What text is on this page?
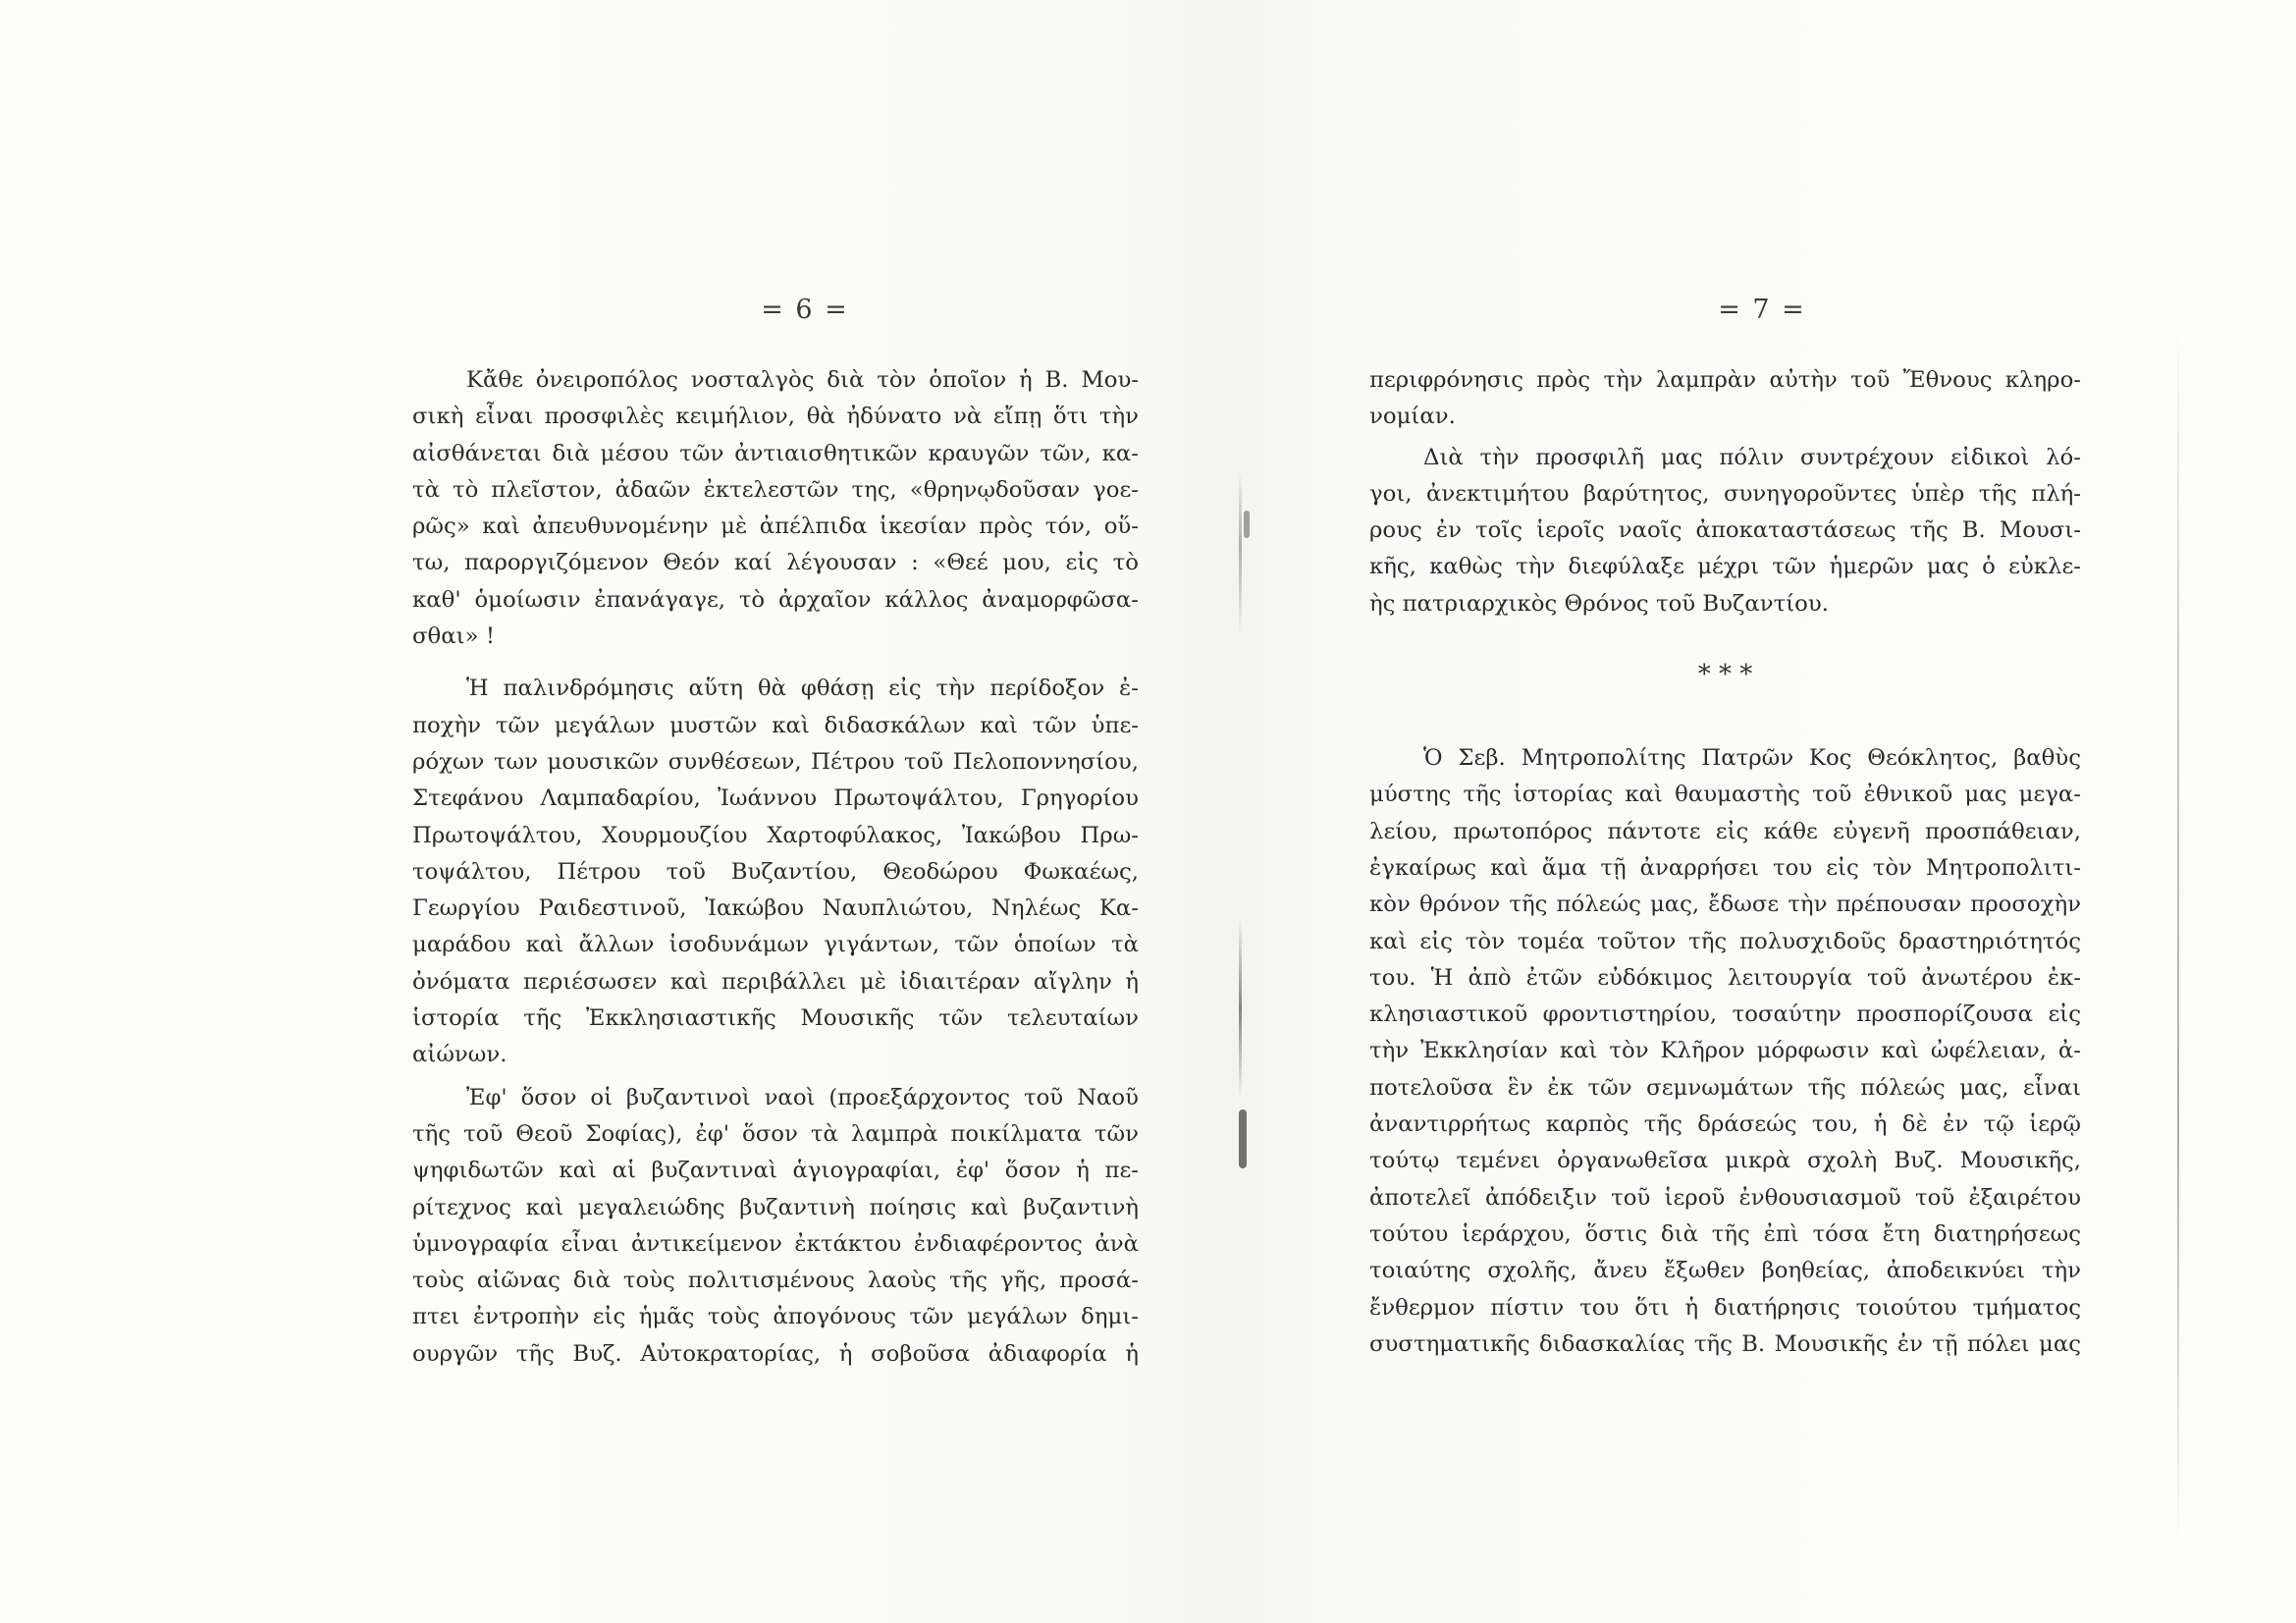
= 6 =
Κἄθε ὀνειροπόλος νοσταλγὸς διὰ τὸν ὁποῖον ἡ Β. Μου-
σικὴ εἶναι προσφιλὲς κειμήλιον, θὰ ἠδύνατο νὰ εἴπῃ ὅτι τὴν
αἰσθάνεται διὰ μέσου τῶν ἀντιαισθητικῶν κραυγῶν τῶν, κα-
τὰ τὸ πλεῖστον, ἀδαῶν ἐκτελεστῶν της, «θρηνῳδοῦσαν γοε-
ρῶς» καὶ ἀπευθυνομένην μὲ ἀπέλπιδα ἱκεσίαν πρὸς τόν, οὕ-
τω, παροργιζόμενον Θεόν καί λέγουσαν : «Θεέ μου, εἰς τὸ
καθ' ὁμοίωσιν ἐπανάγαγε, τὸ ἀρχαῖον κάλλος ἀναμορφῶσα-
σθαι» !
Ἡ παλινδρόμησις αὕτη θὰ φθάσῃ εἰς τὴν περίδοξον ἐ-
ποχὴν τῶν μεγάλων μυστῶν καὶ διδασκάλων καὶ τῶν ὑπε-
ρόχων των μουσικῶν συνθέσεων, Πέτρου τοῦ Πελοποννησίου,
Στεφάνου Λαμπαδαρίου, Ἰωάννου Πρωτοψάλτου, Γρηγορίου
Πρωτοψάλτου, Χουρμουζίου Χαρτοφύλακος, Ἰακώβου Πρω-
τοψάλτου, Πέτρου τοῦ Βυζαντίου, Θεοδώρου Φωκαέως,
Γεωργίου Ραιδεστινοῦ, Ἰακώβου Ναυπλιώτου, Νηλέως Κα-
μαράδου καὶ ἄλλων ἰσοδυνάμων γιγάντων, τῶν ὁποίων τὰ
ὀνόματα περιέσωσεν καὶ περιβάλλει μὲ ἰδιαιτέραν αἴγλην ἡ
ἱστορία τῆς Ἐκκλησιαστικῆς Μουσικῆς τῶν τελευταίων
αἰώνων.
Ἐφ' ὅσον οἱ βυζαντινοὶ ναοὶ (προεξάρχοντος τοῦ Ναοῦ
τῆς τοῦ Θεοῦ Σοφίας), ἐφ' ὅσον τὰ λαμπρὰ ποικίλματα τῶν
ψηφιδωτῶν καὶ αἱ βυζαντιναὶ ἁγιογραφίαι, ἐφ' ὅσον ἡ πε-
ρίτεχνος καὶ μεγαλειώδης βυζαντινὴ ποίησις καὶ βυζαντινὴ
ὑμνογραφία εἶναι ἀντικείμενον ἐκτάκτου ἐνδιαφέροντος ἀνὰ
τοὺς αἰῶνας διὰ τοὺς πολιτισμένους λαοὺς τῆς γῆς, προσά-
πτει ἐντροπὴν εἰς ἡμᾶς τοὺς ἀπογόνους τῶν μεγάλων δημι-
ουργῶν τῆς Βυζ. Αὐτοκρατορίας, ἡ σοβοῦσα ἀδιαφορία ἡ
= 7 =
περιφρόνησις πρὸς τὴν λαμπρὰν αὐτὴν τοῦ Ἔθνους κληρο-
νομίαν.
Διὰ τὴν προσφιλῆ μας πόλιν συντρέχουν εἰδικοὶ λό-
γοι, ἀνεκτιμήτου βαρύτητος, συνηγοροῦντες ὑπὲρ τῆς πλή-
ρους ἐν τοῖς ἱεροῖς ναοῖς ἀποκαταστάσεως τῆς Β. Μουσι-
κῆς, καθὼς τὴν διεφύλαξε μέχρι τῶν ἡμερῶν μας ὁ εὐκλε-
ὴς πατριαρχικὸς Θρόνος τοῦ Βυζαντίου.
* * *
Ὁ Σεβ. Μητροπολίτης Πατρῶν Κος Θεόκλητος, βαθὺς
μύστης τῆς ἱστορίας καὶ θαυμαστὴς τοῦ ἐθνικοῦ μας μεγα-
λείου, πρωτοπόρος πάντοτε εἰς κάθε εὐγενῆ προσπάθειαν,
ἐγκαίρως καὶ ἅμα τῇ ἀναρρήσει του εἰς τὸν Μητροπολιτι-
κὸν θρόνον τῆς πόλεώς μας, ἔδωσε τὴν πρέπουσαν προσοχὴν
καὶ εἰς τὸν τομέα τοῦτον τῆς πολυσχιδοῦς δραστηριότητός
του. Ἡ ἀπὸ ἐτῶν εὐδόκιμος λειτουργία τοῦ ἀνωτέρου ἐκ-
κλησιαστικοῦ φροντιστηρίου, τοσαύτην προσπορίζουσα εἰς
τὴν Ἐκκλησίαν καὶ τὸν Κλῆρον μόρφωσιν καὶ ὠφέλειαν, ἀ-
ποτελοῦσα ἓν ἐκ τῶν σεμνωμάτων τῆς πόλεώς μας, εἶναι
ἀναντιρρήτως καρπὸς τῆς δράσεώς του, ἡ δὲ ἐν τῷ ἱερῷ
τούτῳ τεμένει ὀργανωθεῖσα μικρὰ σχολὴ Βυζ. Μουσικῆς,
ἀποτελεῖ ἀπόδειξιν τοῦ ἱεροῦ ἐνθουσιασμοῦ τοῦ ἐξαιρέτου
τούτου ἱεράρχου, ὅστις διὰ τῆς ἐπὶ τόσα ἔτη διατηρήσεως
τοιαύτης σχολῆς, ἄνευ ἔξωθεν βοηθείας, ἀποδεικνύει τὴν
ἔνθερμον πίστιν του ὅτι ἡ διατήρησις τοιούτου τμήματος
συστηματικῆς διδασκαλίας τῆς Β. Μουσικῆς ἐν τῇ πόλει μας
